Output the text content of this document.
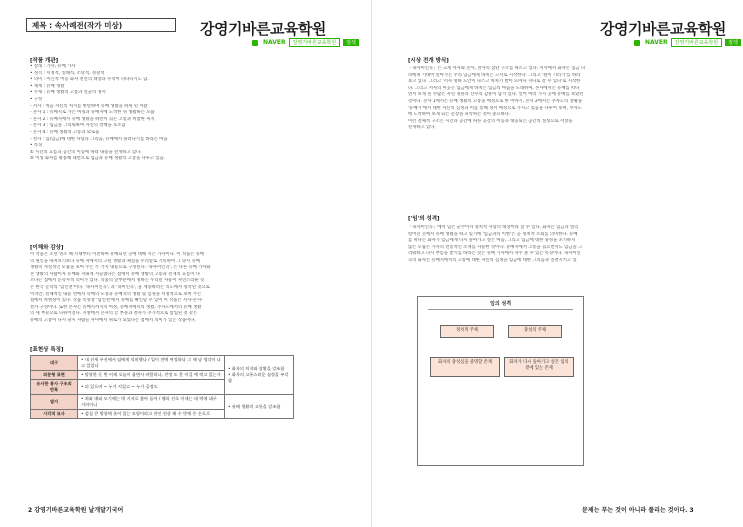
제목 : 속사례전(작가 미상)	강영기바른교육학원
NAVER	강영기바른교육학원	검색
[작품 개관]
• 갈래 : 가사, 유배 가사
• 성격 : 서정적, 연쇄적, 소망적, 성찰적
• 의미 : 이산적 이동 화자 전신의 대상과 수적이 나타나기도 함.
• 제재 : 유배 생활
• 주제 : 유배 생활의 고통과 연군의 정서
• 구성
- 서사 : 처음 자신의 처지를 한탄하며 유배 생활을 하게 된 까닭
- 본사 1 : 유배지로 가는 여정과 유배지에 도착한 뒤 생활하는 모습
- 본사 2 : 유배지에서 유배 생활을 하면서 겪는 고통과 비참한 처지
- 본사 3 : 임금을 그리워하며 자신의 결백을 호소함
- 본사 4 : 유배 생활의 고통과 외로움
- 결사 : 임(임금)에 대한 사랑과 그리움, 유배에서 풀려나기를 바라는 마음
• 특징
① 시간의 흐름과 공간의 이동에 따라 내용을 전개하고 있다.
② 이성 화자를 활용해 내면으로 임금과 유배 생활의 고통을 다루고 있음.
[이해와 감상]
이 작품은 조선 영조 때 시대부터 이전하며 유배되던 곳에 대해 지은 가사이다. 이 작품은 유배
의 원인을 따져보기보다 유배 지에서의 고된 생활과 체험을 우리말로 기록하여 그 당시 유배
생활의 사실적인 모습을 보여 주는 두 가지 내용으로 구성된다. '속사미인곡', 은 다른 유배 가사와
본 생활의 사람이자 유배와 지내게 서술했다는 점에서 유배 생활의 고통과 전개의 흐름이 다
르다는 점에서 문학사적 의미가 있다. 작품의 앞부분에서 정하는 우리말 사용이 자연스러운 것
은 한국 문학의 '임인전'이다. '속사미인곡', 과 '속미인곡', 을 계승하려는 의도에서 창작된 것으로
이지만, 전체적인 내용 면에서 유배의 노정과 유배지의 생활 및 심정을 서정적으로 보여 주는
점에서 차별성이 있다. 작품 특성상 '임인전'에서 유배를 확인할 수 있어 이 작품은 서사-본사-
결사 구성이다. 또한 본사는 유배지까지의 여정, 유배지에서의 생활, 추자도에서의 유배 생활
의 세 부분으로 나뉘어진다. 지방에서 본사의 끝 부분과 결사가 추가적으로 삽입된 것 같은
유배의 고통이 다시 당시 사람들 사이에서 위로가 되었다는 점에서 의미가 있는 작품이다.
[표현상 특징]
대구	• 내 선세 우선에서 임에게 익히했나 / 입이 전에 여정하다 그 때 남 생각이 나고 있었다	• 화자의 처지와 상황을 강조함
• 화자의 고통스러운 심정을 부각함

의문형 표현	• 망망한 둔 번 어제 오늘이 울면서 바람하나, 진정 도 못 이걸 예 먹고 있는가	
유사한 통사 구조의 반복	• 뒤 있으며 ~ 누가 지었고 ~ 누가 공정도	
열거	• 죄와 매와 모기에는 벽 거지로 쫓아 돌아 / 팽과 선초 이새는 데 먹에 대구 거의이니	• 유배 생활의 고통을 강조함
시각적 묘사	• 섬섬 큰 방향에 웃어 있는 모양이라고 잔인 현상 해 수 맛에 은 손으로	
2 강영기바른교육학원 날개달기국어
강영기바른교육학원
NAVER	강영기바른교육학원	검색
[시상 전개 방식]
「속사미인곡」은 크게 서사와 본사, 결사의 삼단 구조를 따르고 있다. 서사에서 화자는 임금 나
라에게 기대어 살아가는 우리 임금에게 바치는 고서로 시작한다. 그리고 '원이 기러기'를 바라
보고 있다. 그리고 '서사 영하 도안이 나스고 차차기 발이 뜨아나 지나로 갈 수 있나'로 시작한
다. 그리고 서사의 이곳은 임금에게 바치는 임금의 마음을 노래하며, 본사에서는 유배를 떠나
면서 보게 된 수많은 자연 경관과 산수의 감흥이 담겨 있다. 일어 여러 가지 곳에 유배를 보았던
것이다. 본사 1에서는 유배 생활의 고통을 배경으로 한 이야기, 본사 2에서는 추자도의 상황을
'유배기'에서 대한 자신의 심정과 이를 통해 정서 배경으로 가지고 있음을 다루어 보며, 추자도
에 도착하여 보게 되는 문장을 파악하는 것이 중요하다.
이런 전체적 구조는 시간과 공간에 따른 공간의 이동과 대응되는 공간의 설정으로 서상을
전개하고 있다.
['임'의 성격]
「속사미인곡」에서 임은 군주이자 정치적 사랑의 대상이라 할 수 있다. 화자는 임금과 멀리
떨어진 곳에서 유배 생활을 하고 있기에 '임금과의 이별'은 곧 정치적 소외를 의미한다. 유배
를 떠나는 화자가 임금에게 다시 돌아가고 싶은 마음, 그리고 임금에 대한 충성을 포기하지
않는 모습은 가사의 전통적인 소재를 사용한 것이다. 유배지에서 고통을 겪으면서도 임금을 그
리워하고 다시 부름을 받기를 바라는 것은 유배 가사에서 자주 볼 수 있는 특징이다. 속사미인
곡의 화자는 유배지에서의 고통에 대한 자신의 심정을 임금에 대한 그리움과 연결시키고 있
문제는 푸는 것이 아니라 풀리는 것이다. 3
임의 성격
정치적 주체	충성의 주체
화자의 충성심을 증명할 존재	화자가 다시 돌아가고 싶은 임의 곁에 있는 존재
